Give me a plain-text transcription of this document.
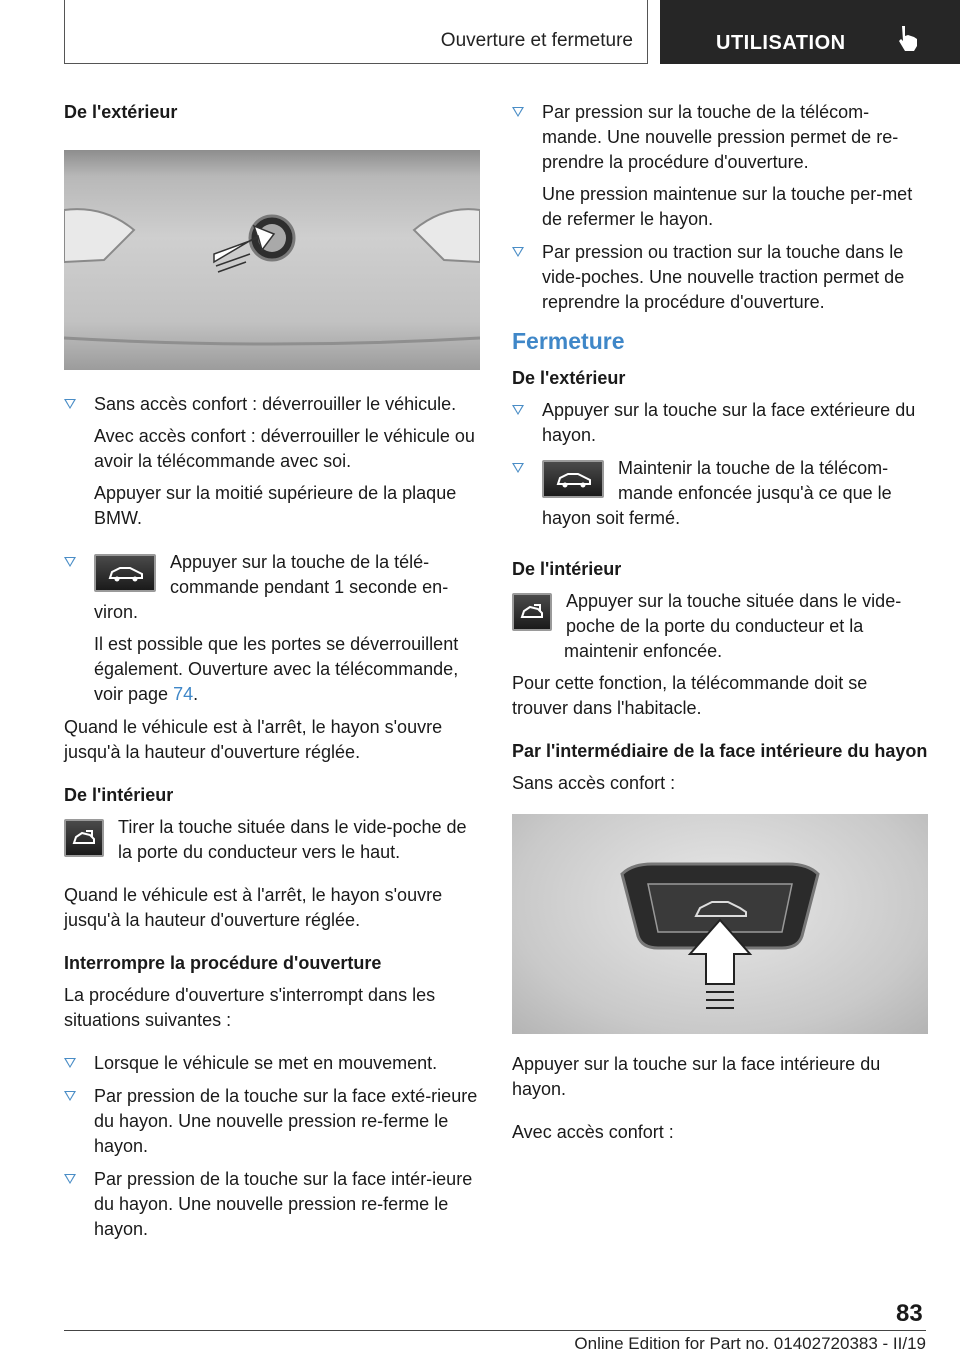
Ouverture et fermeture	UTILISATION
De l'extérieur

Sans accès confort : déverrouiller le véhicule.

Avec accès confort : déverrouiller le véhicule ou avoir la télécommande avec soi.

Appuyer sur la moitié supérieure de la plaque BMW.

Appuyer sur la touche de la télé-commande pendant 1 seconde en-viron.

Il est possible que les portes se déverrouillent également. Ouverture avec la télécommande, voir page 74.

Quand le véhicule est à l'arrêt, le hayon s'ouvre jusqu'à la hauteur d'ouverture réglée.

De l'intérieur

Tirer la touche située dans le vide-poche de la porte du conducteur vers le haut.

Quand le véhicule est à l'arrêt, le hayon s'ouvre jusqu'à la hauteur d'ouverture réglée.

Interrompre la procédure d'ouverture

La procédure d'ouverture s'interrompt dans les situations suivantes :

Lorsque le véhicule se met en mouvement.

Par pression de la touche sur la face exté-rieure du hayon. Une nouvelle pression re-ferme le hayon.

Par pression de la touche sur la face intér-ieure du hayon. Une nouvelle pression re-ferme le hayon.

Par pression sur la touche de la télécom-mande. Une nouvelle pression permet de re-prendre la procédure d'ouverture.

Une pression maintenue sur la touche per-met de refermer le hayon.

Par pression ou traction sur la touche dans le vide-poches. Une nouvelle traction permet de reprendre la procédure d'ouverture.

Fermeture
De l'extérieur

Appuyer sur la touche sur la face extérieure du hayon.

Maintenir la touche de la télécom-mande enfoncée jusqu'à ce que le hayon soit fermé.

De l'intérieur

Appuyer sur la touche située dans le vide-poche de la porte du conducteur et la maintenir enfoncée.

Pour cette fonction, la télécommande doit se trouver dans l'habitacle.

Par l'intermédiaire de la face intérieure du hayon

Sans accès confort :

Appuyer sur la touche sur la face intérieure du hayon.

Avec accès confort :

83
Online Edition for Part no. 01402720383 - II/19
